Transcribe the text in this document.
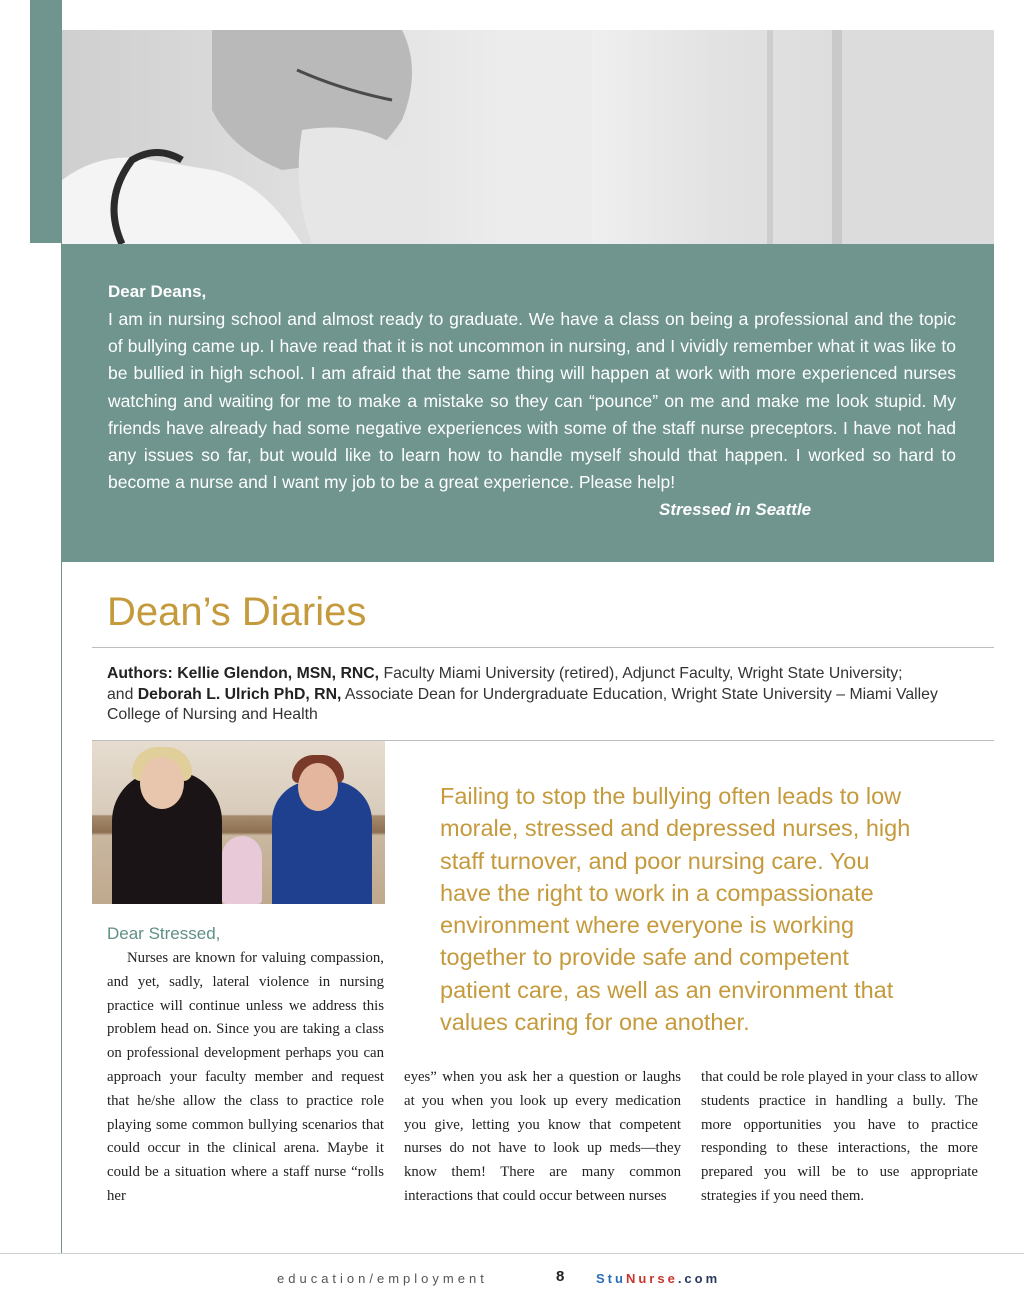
Dear Deans,
I am in nursing school and almost ready to graduate. We have a class on being a professional and the topic of bullying came up. I have read that it is not uncommon in nursing, and I vividly remember what it was like to be bullied in high school. I am afraid that the same thing will happen at work with more experienced nurses watching and waiting for me to make a mistake so they can “pounce” on me and make me look stupid. My friends have already had some negative experiences with some of the staff nurse preceptors. I have not had any issues so far, but would like to learn how to handle myself should that happen. I worked so hard to become a nurse and I want my job to be a great experience. Please help!
Stressed in Seattle
Dean’s Diaries
Authors: Kellie Glendon, MSN, RNC, Faculty Miami University (retired), Adjunct Faculty, Wright State University;
and Deborah L. Ulrich PhD, RN, Associate Dean for Undergraduate Education, Wright State University – Miami Valley College of Nursing and Health
Failing to stop the bullying often leads to low morale, stressed and depressed nurses, high staff turnover, and poor nursing care. You have the right to work in a compassionate environment where everyone is working together to provide safe and competent patient care, as well as an environment that values caring for one another.
Dear Stressed,

Nurses are known for valuing compassion, and yet, sadly, lateral violence in nursing practice will continue unless we address this problem head on. Since you are taking a class on professional development perhaps you can approach your faculty member and request that he/she allow the class to practice role playing some common bullying scenarios that could occur in the clinical arena. Maybe it could be a situation where a staff nurse “rolls her

eyes” when you ask her a question or laughs at you when you look up every medication you give, letting you know that competent nurses do not have to look up meds—they know them! There are many common interactions that could occur between nurses

that could be role played in your class to allow students practice in handling a bully. The more opportunities you have to practice responding to these interactions, the more prepared you will be to use appropriate strategies if you need them.

education/employment	8 StuNurse.com
